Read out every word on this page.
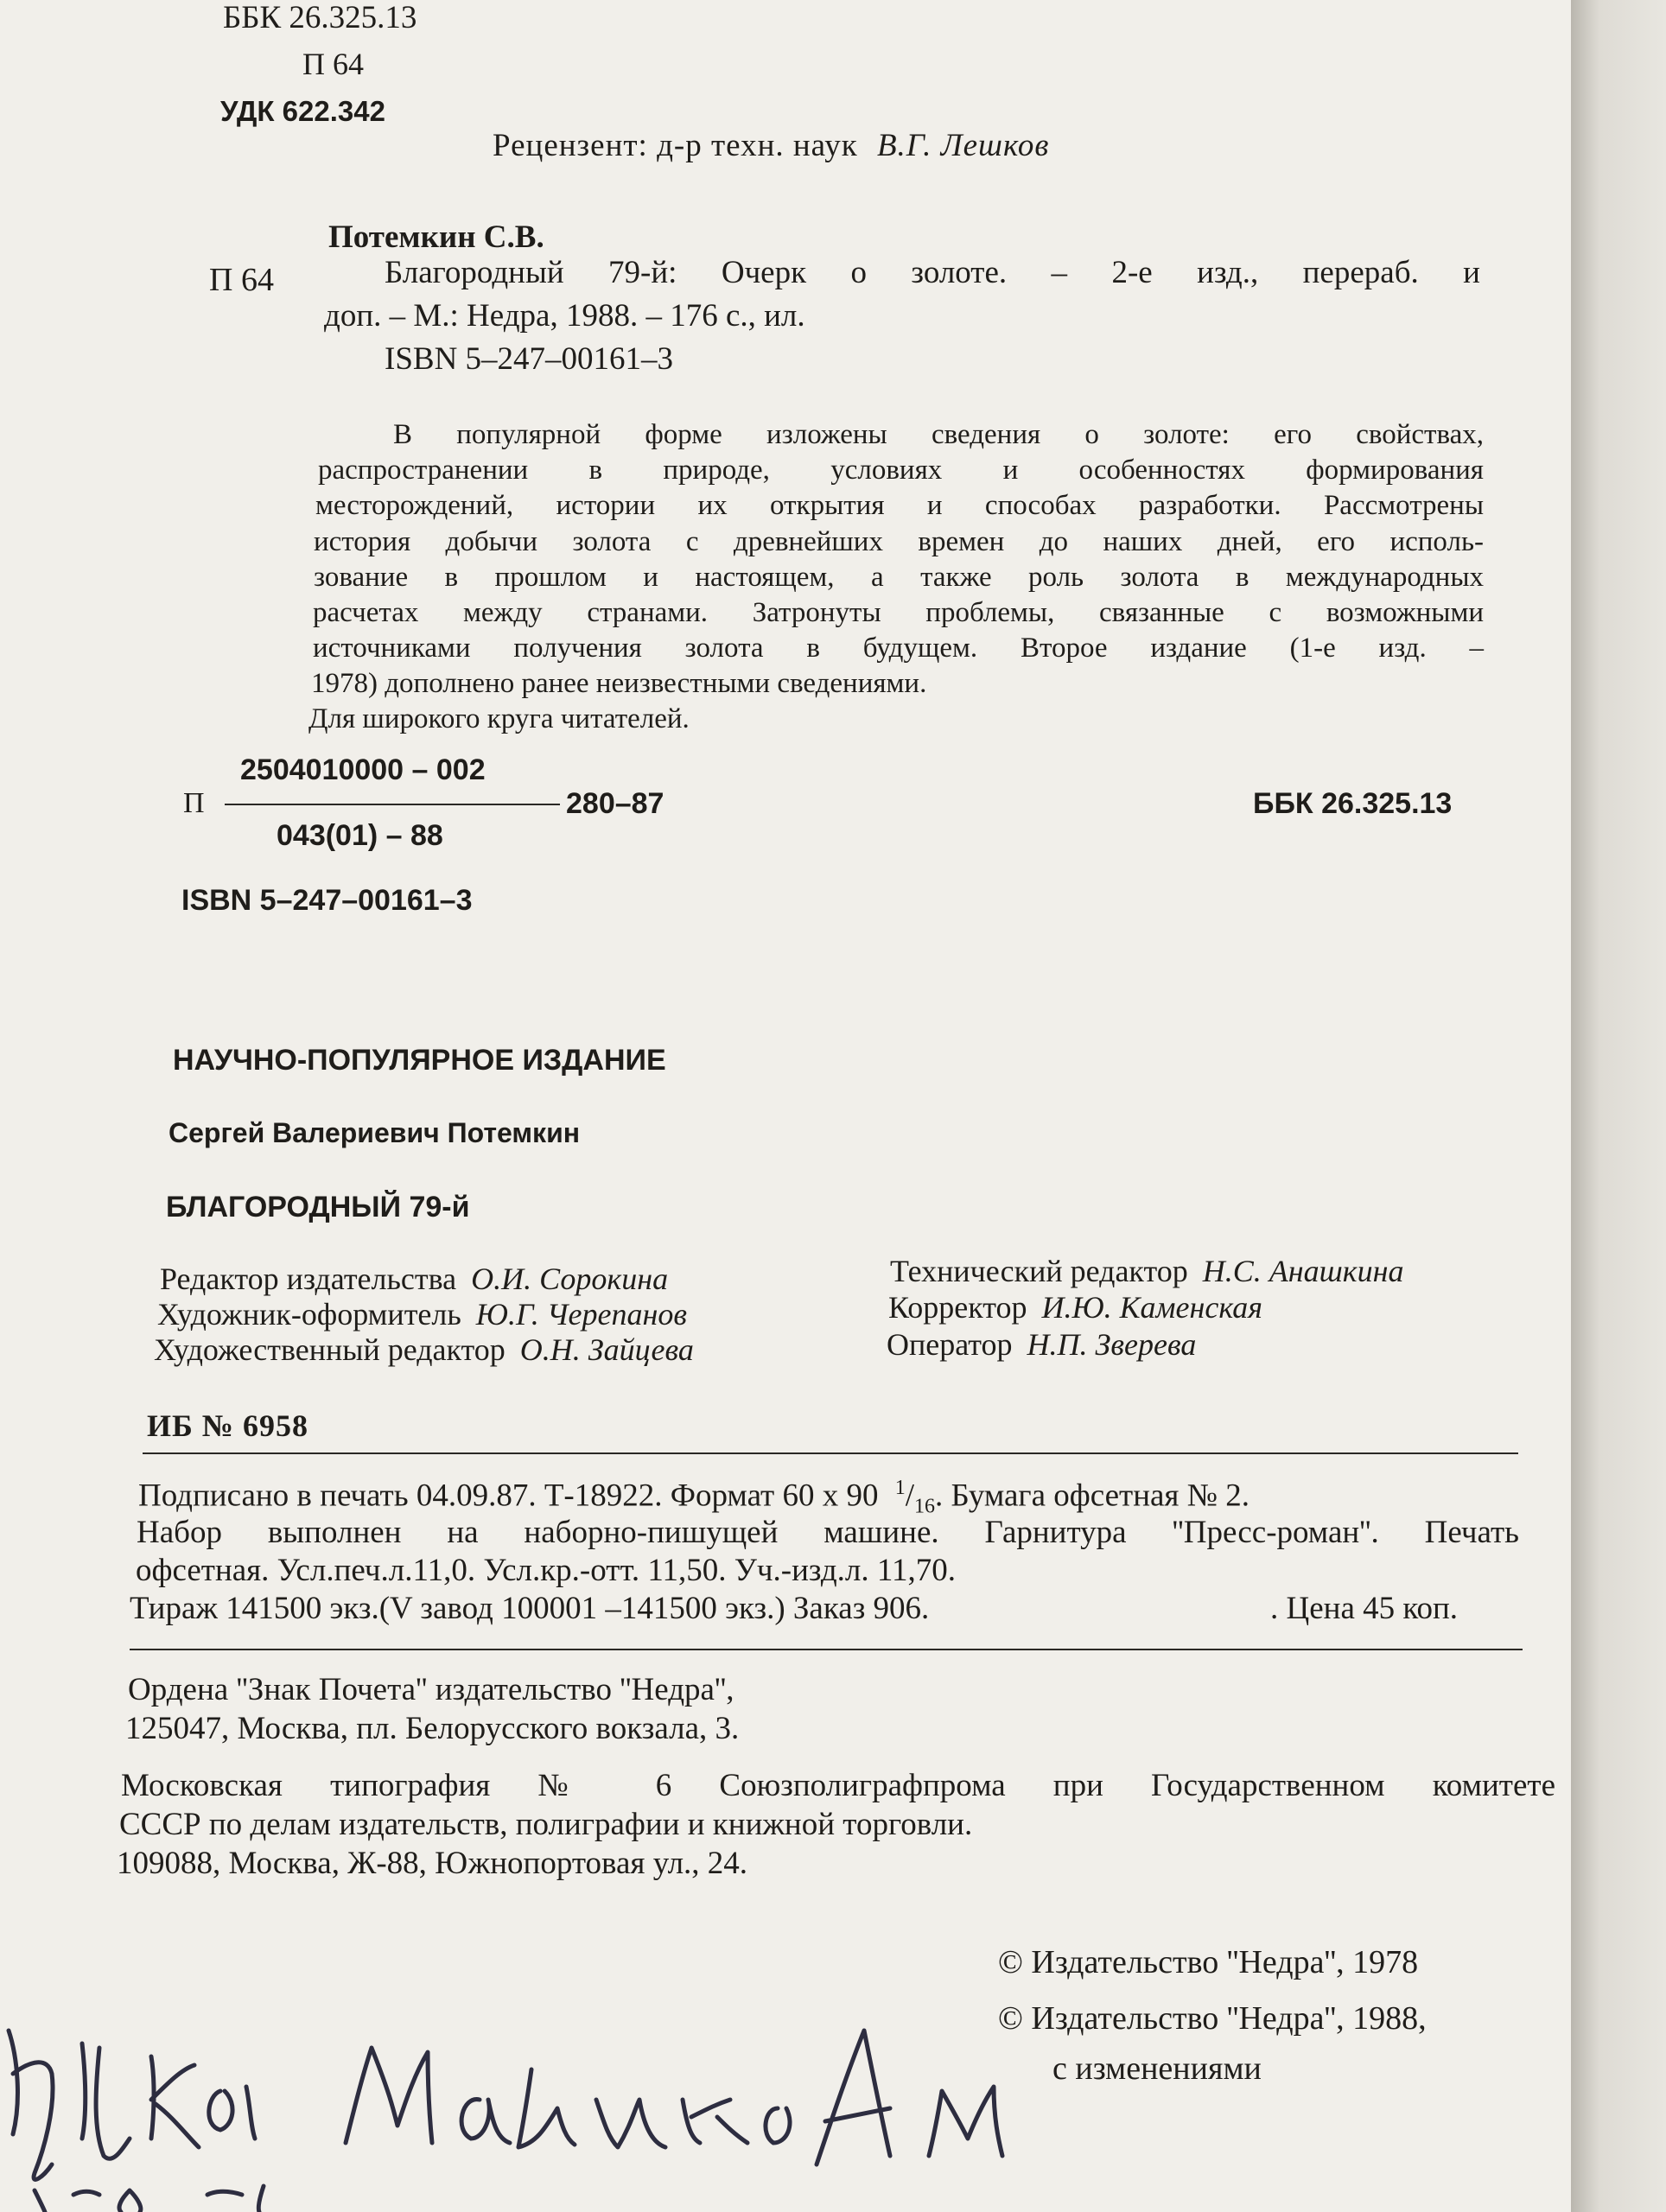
ББК 26.325.13
П 64
УДК 622.342
Рецензент: д-р техн. наук В.Г. Лешков
Потемкин С.В.
П 64	Благородный 79-й: Очерк о золоте. – 2-е изд., перераб. и
доп. – М.: Недра, 1988. – 176 с., ил.
ISBN 5–247–00161–3
В популярной форме изложены сведения о золоте: его свойствах,
распространении в природе, условиях и особенностях формирования
месторождений, истории их открытия и способах разработки. Рассмотрены
история добычи золота с древнейших времен до наших дней, его исполь-
зование в прошлом и настоящем, а также роль золота в международных
расчетах между странами. Затронуты проблемы, связанные с возможными
источниками получения золота в будущем. Второе издание (1-е изд. –
1978) дополнено ранее неизвестными сведениями.
Для широкого круга читателей.
2504010000 – 002
П	280–87
043(01) – 88
ББК 26.325.13
ISBN 5–247–00161–3
НАУЧНО-ПОПУЛЯРНОЕ ИЗДАНИЕ
Сергей Валериевич Потемкин
БЛАГОРОДНЫЙ 79-й
Редактор издательства О.И. Сорокина
Художник-оформитель Ю.Г. Черепанов
Художественный редактор О.Н. Зайцева
Технический редактор Н.С. Анашкина
Корректор И.Ю. Каменская
Оператор Н.П. Зверева
ИБ № 6958
Подписано в печать 04.09.87. Т-18922. Формат 60 х 90 $^1/_{16}$. Бумага офсетная № 2.
Набор выполнен на наборно-пишущей машине. Гарнитура ''Пресс-роман''. Печать
офсетная. Усл.печ.л.11,0. Усл.кр.-отт. 11,50. Уч.-изд.л. 11,70.
Тираж 141500 экз.(V завод 100001 –141500 экз.) Заказ 906.	. Цена 45 коп.
Ордена ''Знак Почета'' издательство ''Недра'',
125047, Москва, пл. Белорусского вокзала, 3.
Московская типография № 6 Союзполиграфпрома при Государственном комитете
СССР по делам издательств, полиграфии и книжной торговли.
109088, Москва, Ж-88, Южнопортовая ул., 24.
© Издательство ''Недра'', 1978
© Издательство ''Недра'', 1988,
с изменениями
